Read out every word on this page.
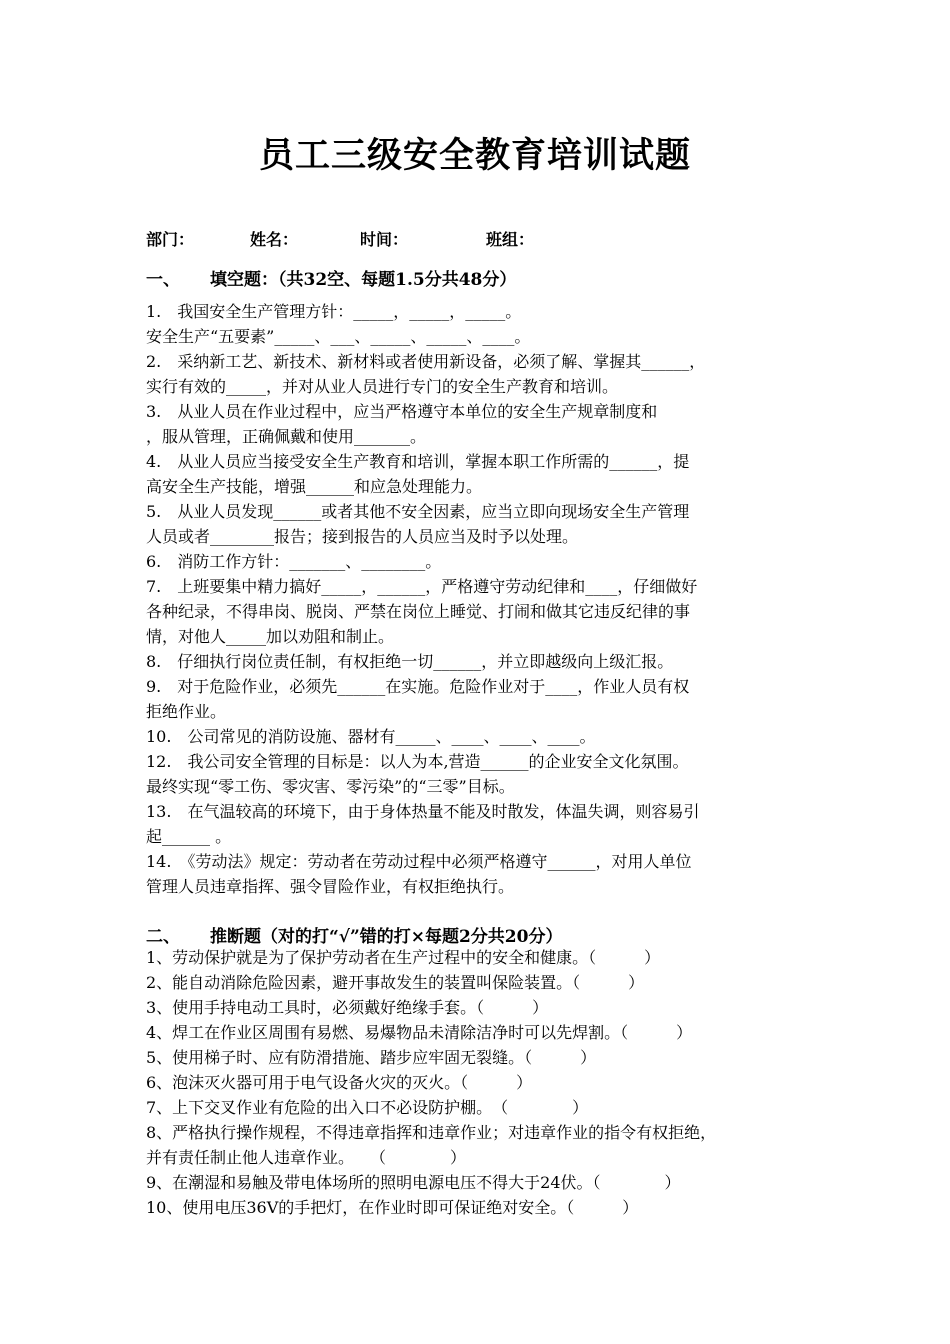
员工三级安全教育培训试题
部门：	姓名：	时间：	班组：
一、 填空题：（共32空、每题1.5分共48分）
1.　我国安全生产管理方针：_____，_____，_____。
安全生产“五要素”_____、___、_____、_____、____。
2.　采纳新工艺、新技术、新材料或者使用新设备，必须了解、掌握其______，
实行有效的_____，并对从业人员进行专门的安全生产教育和培训。
3.　从业人员在作业过程中，应当严格遵守本单位的安全生产规章制度和
，服从管理，正确佩戴和使用_______。
4.　从业人员应当接受安全生产教育和培训，掌握本职工作所需的______，提
高安全生产技能，增强______和应急处理能力。
5.　从业人员发现______或者其他不安全因素，应当立即向现场安全生产管理
人员或者________报告；接到报告的人员应当及时予以处理。
6.　消防工作方针：_______、________。
7.　上班要集中精力搞好_____，______，严格遵守劳动纪律和____，仔细做好
各种纪录，不得串岗、脱岗、严禁在岗位上睡觉、打闹和做其它违反纪律的事
情，对他人_____加以劝阻和制止。
8.　仔细执行岗位责任制，有权拒绝一切______，并立即越级向上级汇报。
9.　对于危险作业，必须先______在实施。危险作业对于____，作业人员有权
拒绝作业。
10.　公司常见的消防设施、器材有_____、____、____、____。
12.　我公司安全管理的目标是：以人为本,营造______的企业安全文化氛围。
最终实现“零工伤、零灾害、零污染”的“三零”目标。
13.　在气温较高的环境下，由于身体热量不能及时散发，体温失调，则容易引
起______ 。
14.　《劳动法》规定：劳动者在劳动过程中必须严格遵守______，对用人单位
管理人员违章指挥、强令冒险作业，有权拒绝执行。
二、 推断题（对的打“√”错的打×每题2分共20分）
1、劳动保护就是为了保护劳动者在生产过程中的安全和健康。（　　　）
2、能自动消除危险因素，避开事故发生的装置叫保险装置。（　　　）
3、使用手持电动工具时，必须戴好绝缘手套。（　　　）
4、焊工在作业区周围有易燃、易爆物品未清除洁净时可以先焊割。（　　　）
5、使用梯子时、应有防滑措施、踏步应牢固无裂缝。（　　　）
6、泡沫灭火器可用于电气设备火灾的灭火。（　　　）
7、上下交叉作业有危险的出入口不必设防护棚。　（　　　　）
8、严格执行操作规程，不得违章指挥和违章作业；对违章作业的指令有权拒绝，
并有责任制止他人违章作业。　　（　　　　）
9、在潮湿和易触及带电体场所的照明电源电压不得大于24伏。（　　　　）
10、使用电压36V的手把灯，在作业时即可保证绝对安全。（　　　）
